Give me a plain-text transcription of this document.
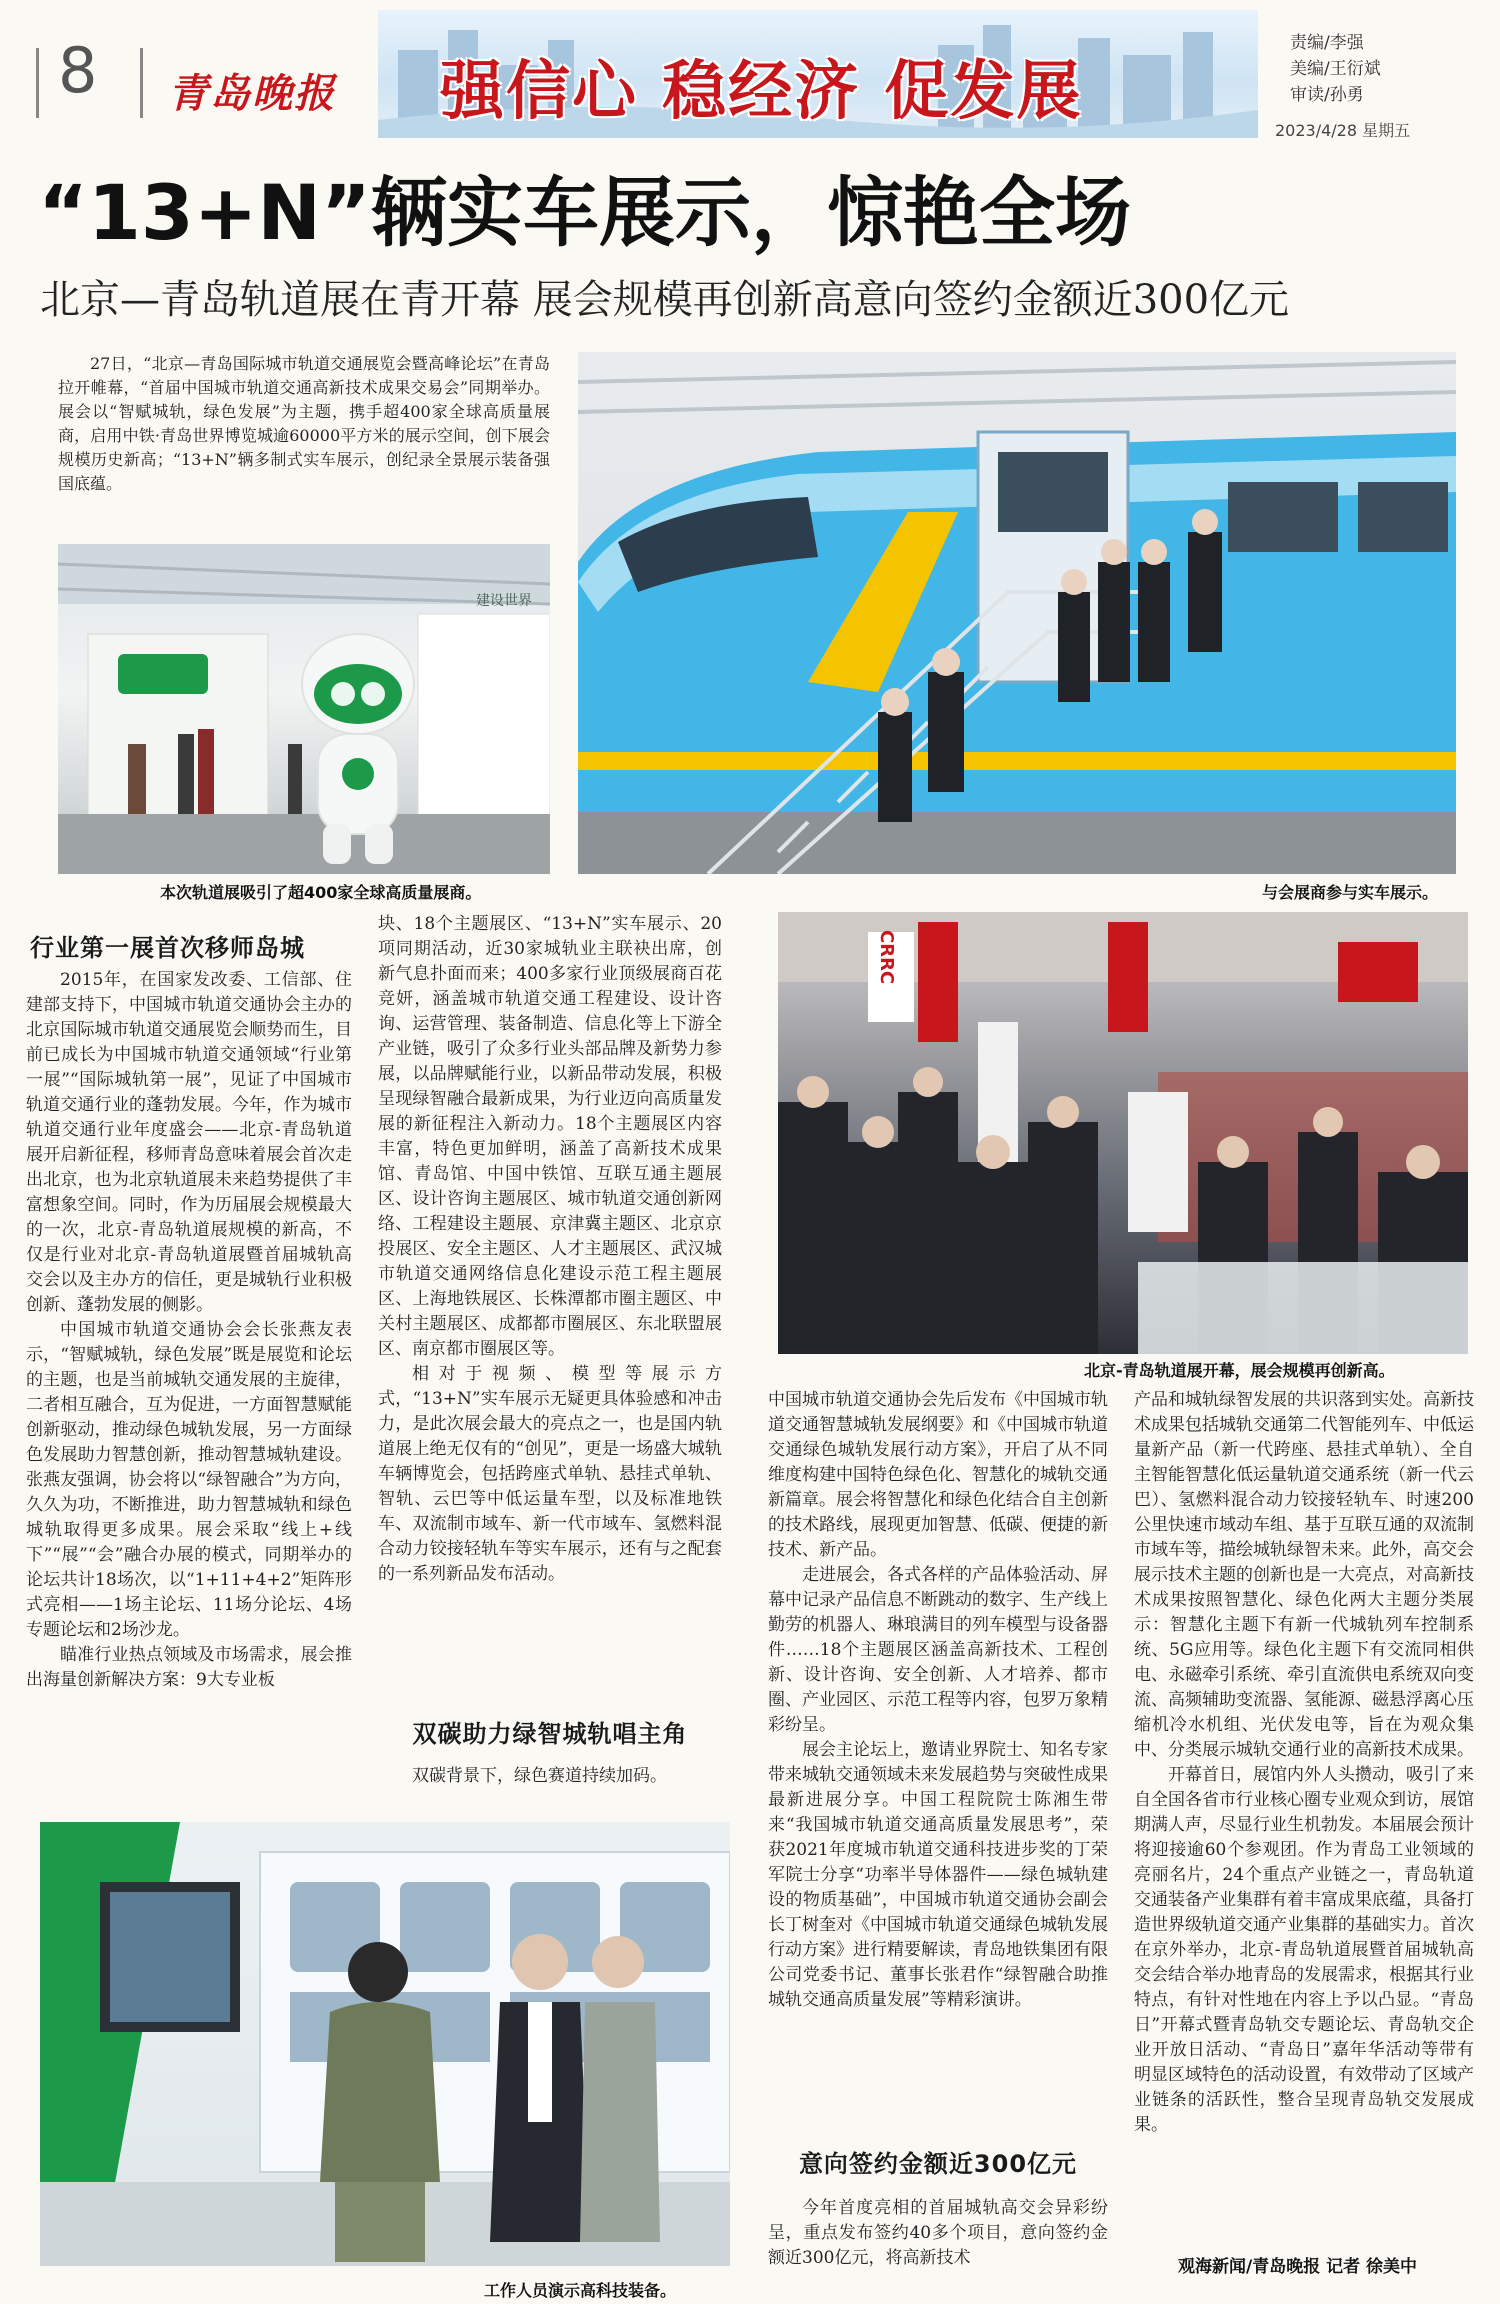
8 青岛晚报 强信心 稳经济 促发展
责编/李强
美编/王衍斌
审读/孙勇
2023/4/28 星期五
“13+N”辆实车展示，惊艳全场
北京—青岛轨道展在青开幕 展会规模再创新高意向签约金额近300亿元

27日，“北京—青岛国际城市轨道交通展览会暨高峰论坛”在青岛拉开帷幕，“首届中国城市轨道交通高新技术成果交易会”同期举办。展会以“智赋城轨，绿色发展”为主题，携手超400家全球高质量展商，启用中铁·青岛世界博览城逾60000平方米的展示空间，创下展会规模历史新高；“13+N”辆多制式实车展示，创纪录全景展示装备强国底蕴。

建设世界
本次轨道展吸引了超400家全球高质量展商。	与会展商参与实车展示。
行业第一展首次移师岛城

2015年，在国家发改委、工信部、住建部支持下，中国城市轨道交通协会主办的北京国际城市轨道交通展览会顺势而生，目前已成长为中国城市轨道交通领域“行业第一展”“国际城轨第一展”，见证了中国城市轨道交通行业的蓬勃发展。今年，作为城市轨道交通行业年度盛会——北京-青岛轨道展开启新征程，移师青岛意味着展会首次走出北京，也为北京轨道展未来趋势提供了丰富想象空间。同时，作为历届展会规模最大的一次，北京-青岛轨道展规模的新高，不仅是行业对北京-青岛轨道展暨首届城轨高交会以及主办方的信任，更是城轨行业积极创新、蓬勃发展的侧影。

中国城市轨道交通协会会长张燕友表示，“智赋城轨，绿色发展”既是展览和论坛的主题，也是当前城轨交通发展的主旋律，二者相互融合，互为促进，一方面智慧赋能创新驱动，推动绿色城轨发展，另一方面绿色发展助力智慧创新，推动智慧城轨建设。张燕友强调，协会将以“绿智融合”为方向，久久为功，不断推进，助力智慧城轨和绿色城轨取得更多成果。展会采取“线上+线下”“展”“会”融合办展的模式，同期举办的论坛共计18场次，以“1+11+4+2”矩阵形式亮相——1场主论坛、11场分论坛、4场专题论坛和2场沙龙。

瞄准行业热点领域及市场需求，展会推出海量创新解决方案：9大专业板

块、18个主题展区、“13+N”实车展示、20项同期活动，近30家城轨业主联袂出席，创新气息扑面而来；400多家行业顶级展商百花竞妍，涵盖城市轨道交通工程建设、设计咨询、运营管理、装备制造、信息化等上下游全产业链，吸引了众多行业头部品牌及新势力参展，以品牌赋能行业，以新品带动发展，积极呈现绿智融合最新成果，为行业迈向高质量发展的新征程注入新动力。18个主题展区内容丰富，特色更加鲜明，涵盖了高新技术成果馆、青岛馆、中国中铁馆、互联互通主题展区、设计咨询主题展区、城市轨道交通创新网络、工程建设主题展、京津冀主题区、北京京投展区、安全主题区、人才主题展区、武汉城市轨道交通网络信息化建设示范工程主题展区、上海地铁展区、长株潭都市圈主题区、中关村主题展区、成都都市圈展区、东北联盟展区、南京都市圈展区等。

相对于视频、模型等展示方式，“13+N”实车展示无疑更具体验感和冲击力，是此次展会最大的亮点之一，也是国内轨道展上绝无仅有的“创见”，更是一场盛大城轨车辆博览会，包括跨座式单轨、悬挂式单轨、智轨、云巴等中低运量车型，以及标准地铁车、双流制市域车、新一代市域车、氢燃料混合动力铰接轻轨车等实车展示，还有与之配套的一系列新品发布活动。

双碳助力绿智城轨唱主角

双碳背景下，绿色赛道持续加码。

CRRC
北京-青岛轨道展开幕，展会规模再创新高。

中国城市轨道交通协会先后发布《中国城市轨道交通智慧城轨发展纲要》和《中国城市轨道交通绿色城轨发展行动方案》，开启了从不同维度构建中国特色绿色化、智慧化的城轨交通新篇章。展会将智慧化和绿色化结合自主创新的技术路线，展现更加智慧、低碳、便捷的新技术、新产品。

走进展会，各式各样的产品体验活动、屏幕中记录产品信息不断跳动的数字、生产线上勤劳的机器人、琳琅满目的列车模型与设备器件……18个主题展区涵盖高新技术、工程创新、设计咨询、安全创新、人才培养、都市圈、产业园区、示范工程等内容，包罗万象精彩纷呈。

展会主论坛上，邀请业界院士、知名专家带来城轨交通领域未来发展趋势与突破性成果最新进展分享。中国工程院院士陈湘生带来“我国城市轨道交通高质量发展思考”，荣获2021年度城市轨道交通科技进步奖的丁荣军院士分享“功率半导体器件——绿色城轨建设的物质基础”，中国城市轨道交通协会副会长丁树奎对《中国城市轨道交通绿色城轨发展行动方案》进行精要解读，青岛地铁集团有限公司党委书记、董事长张君作“绿智融合助推城轨交通高质量发展”等精彩演讲。

意向签约金额近300亿元

今年首度亮相的首届城轨高交会异彩纷呈，重点发布签约40多个项目，意向签约金额近300亿元，将高新技术

产品和城轨绿智发展的共识落到实处。高新技术成果包括城轨交通第二代智能列车、中低运量新产品（新一代跨座、悬挂式单轨）、全自主智能智慧化低运量轨道交通系统（新一代云巴）、氢燃料混合动力铰接轻轨车、时速200公里快速市域动车组、基于互联互通的双流制市域车等，描绘城轨绿智未来。此外，高交会展示技术主题的创新也是一大亮点，对高新技术成果按照智慧化、绿色化两大主题分类展示：智慧化主题下有新一代城轨列车控制系统、5G应用等。绿色化主题下有交流同相供电、永磁牵引系统、牵引直流供电系统双向变流、高频辅助变流器、氢能源、磁悬浮离心压缩机冷水机组、光伏发电等，旨在为观众集中、分类展示城轨交通行业的高新技术成果。

开幕首日，展馆内外人头攒动，吸引了来自全国各省市行业核心圈专业观众到访，展馆期满人声，尽显行业生机勃发。本届展会预计将迎接逾60个参观团。作为青岛工业领域的亮丽名片，24个重点产业链之一，青岛轨道交通装备产业集群有着丰富成果底蕴，具备打造世界级轨道交通产业集群的基础实力。首次在京外举办，北京-青岛轨道展暨首届城轨高交会结合举办地青岛的发展需求，根据其行业特点，有针对性地在内容上予以凸显。“青岛日”开幕式暨青岛轨交专题论坛、青岛轨交企业开放日活动、“青岛日”嘉年华活动等带有明显区域特色的活动设置，有效带动了区域产业链条的活跃性，整合呈现青岛轨交发展成果。

观海新闻/青岛晚报 记者 徐美中
工作人员演示高科技装备。
